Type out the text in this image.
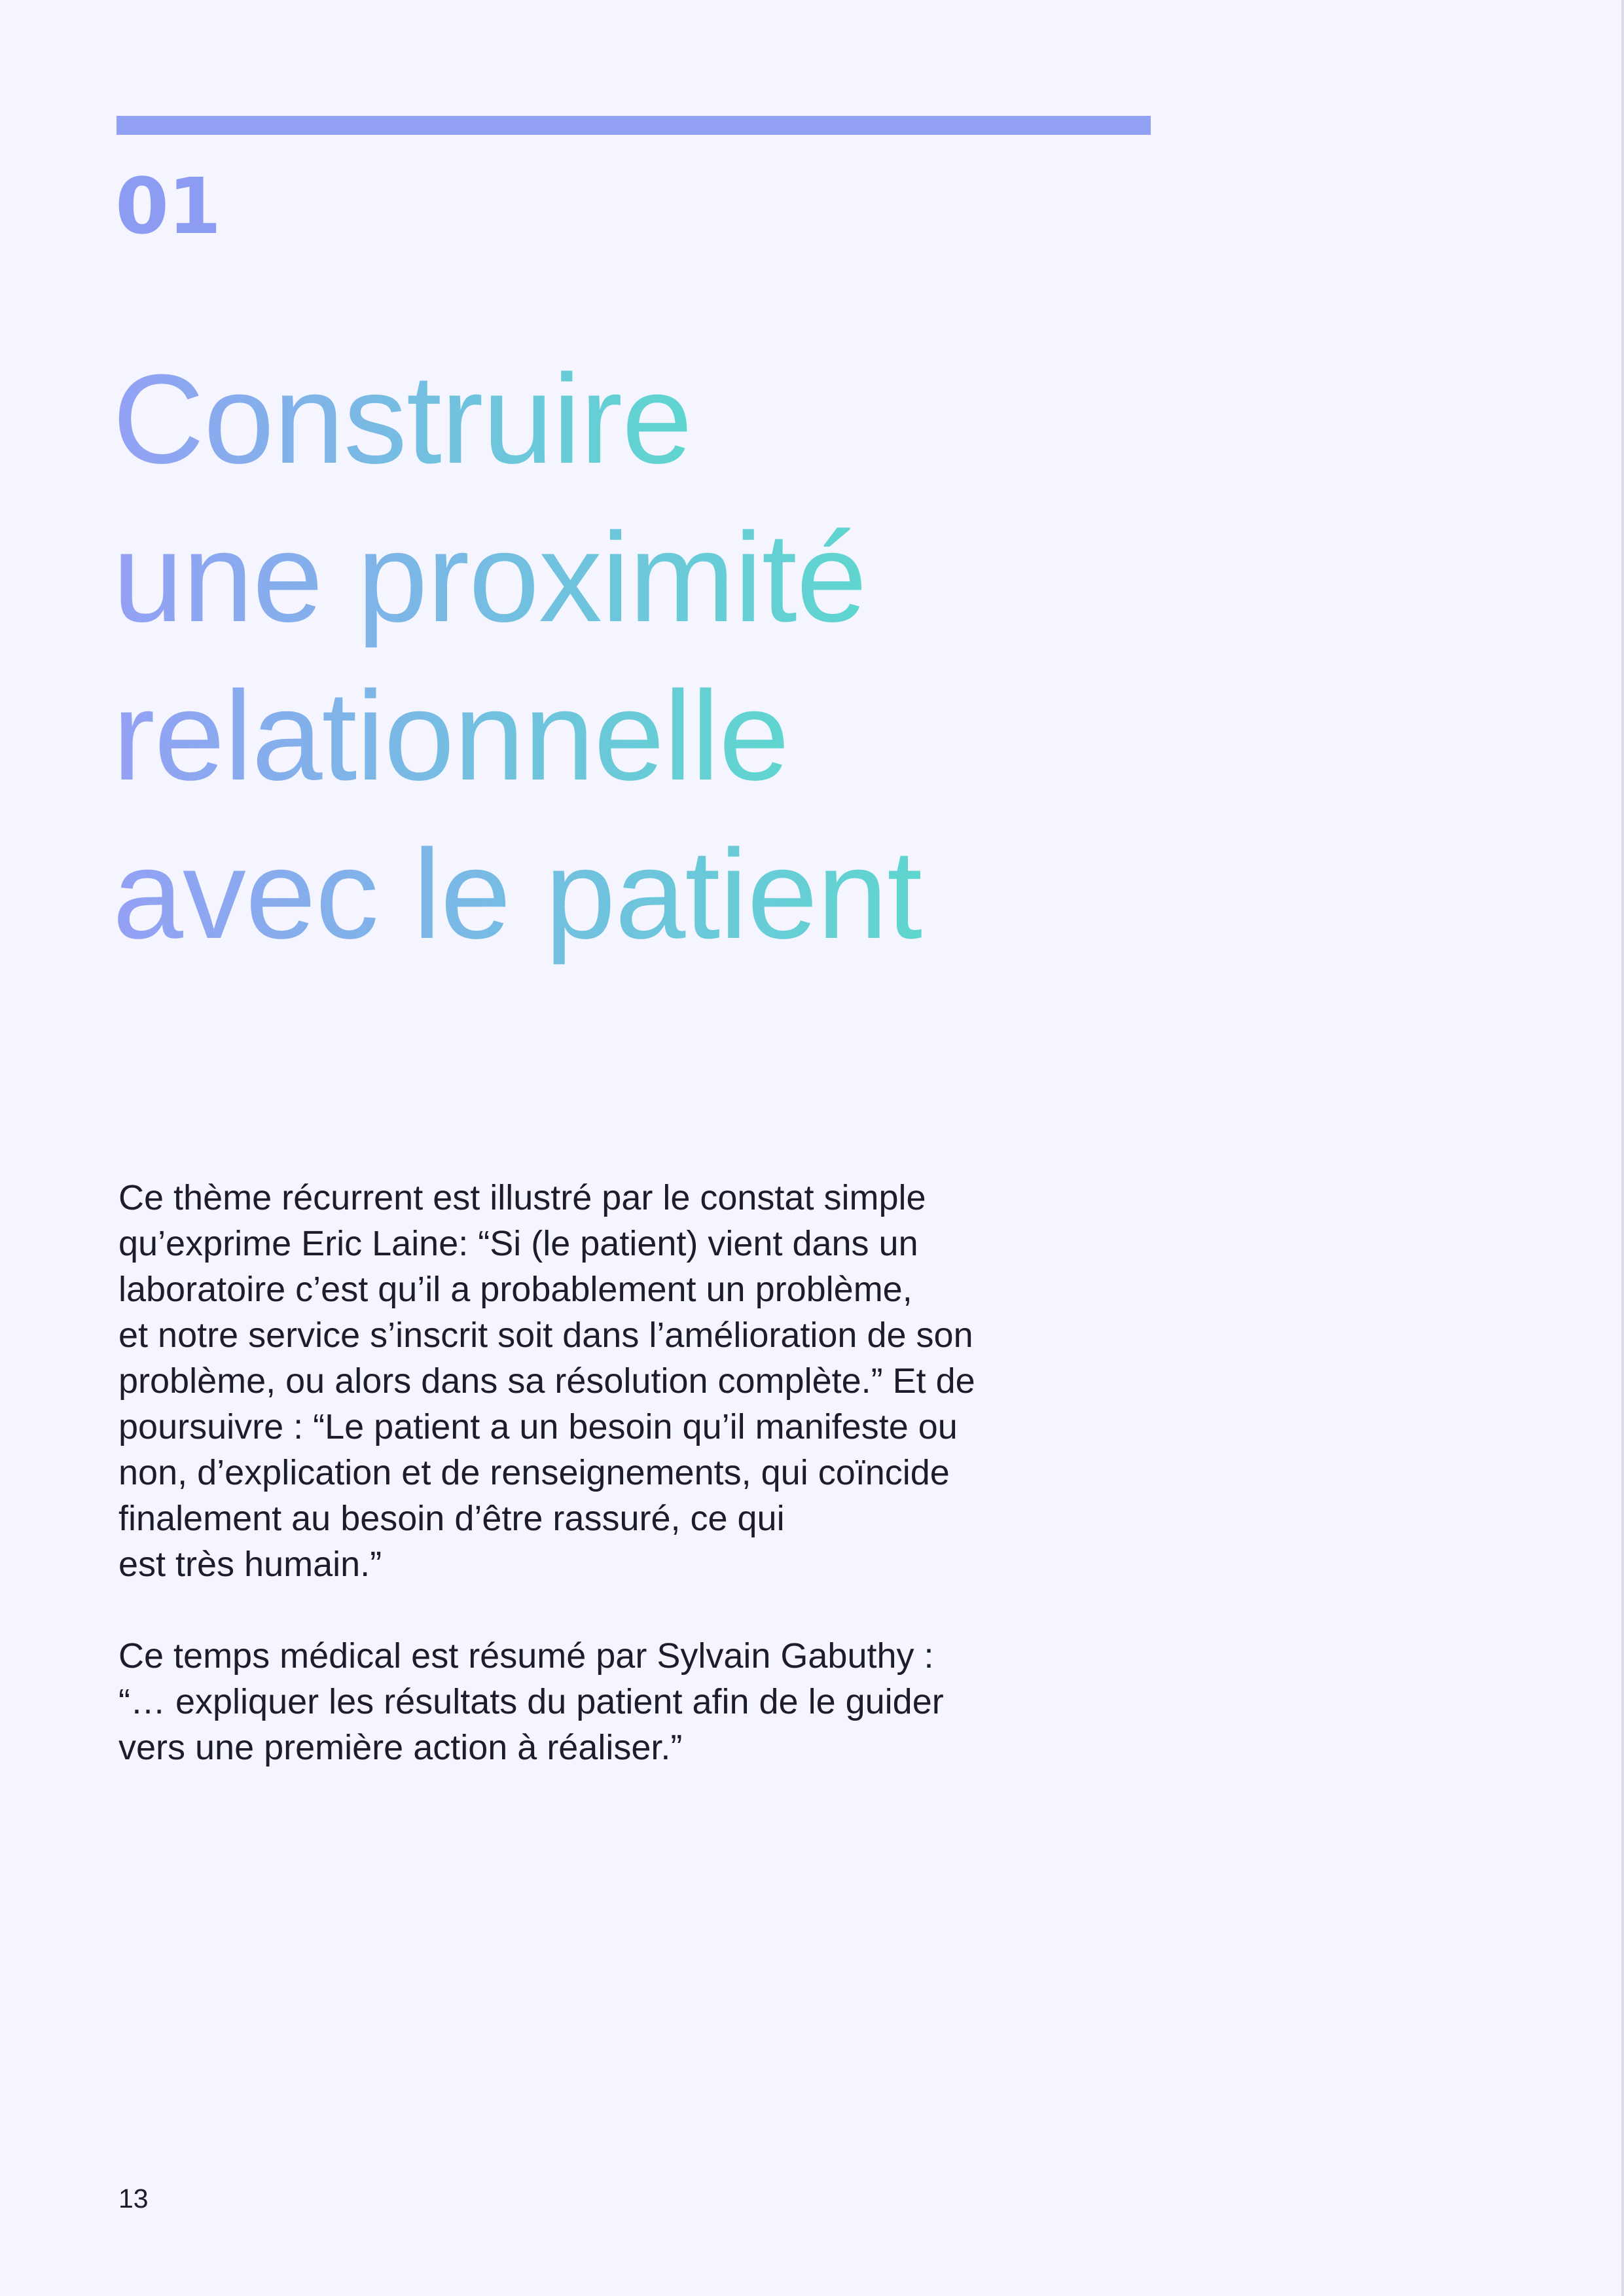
01
Construire
une proximité
relationnelle
avec le patient

Ce thème récurrent est illustré par le constat simple
qu’exprime Eric Laine: “Si (le patient) vient dans un
laboratoire c’est qu’il a probablement un problème,
et notre service s’inscrit soit dans l’amélioration de son
problème, ou alors dans sa résolution complète.” Et de
poursuivre : “Le patient a un besoin qu’il manifeste ou
non, d’explication et de renseignements, qui coïncide
finalement au besoin d’être rassuré, ce qui
est très humain.”

Ce temps médical est résumé par Sylvain Gabuthy :
“… expliquer les résultats du patient afin de le guider
vers une première action à réaliser.”

13
